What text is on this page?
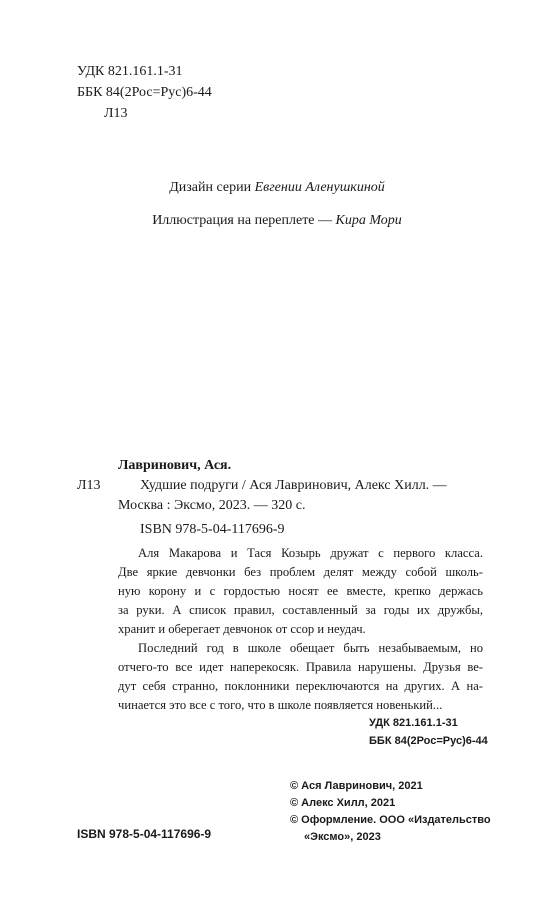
УДК 821.161.1-31
ББК 84(2Рос=Рус)6-44
Л13
Дизайн серии Евгении Аленушкиной
Иллюстрация на переплете — Кира Мори
Лавринович, Ася.
Л13	Худшие подруги / Ася Лавринович, Алекс Хилл. —
Москва : Эксмо, 2023. — 320 с.
ISBN 978-5-04-117696-9
Аля Макарова и Тася Козырь дружат с первого класса.
Две яркие девчонки без проблем делят между собой школь-
ную корону и с гордостью носят ее вместе, крепко держась
за руки. А список правил, составленный за годы их дружбы,
хранит и оберегает девчонок от ссор и неудач.
Последний год в школе обещает быть незабываемым, но
отчего-то все идет наперекосяк. Правила нарушены. Друзья ве-
дут себя странно, поклонники переключаются на других. А на-
чинается это все с того, что в школе появляется новенький...
УДК 821.161.1-31
ББК 84(2Рос=Рус)6-44
© Ася Лавринович, 2021
© Алекс Хилл, 2021
© Оформление. ООО «Издательство
«Эксмо», 2023
ISBN 978-5-04-117696-9
